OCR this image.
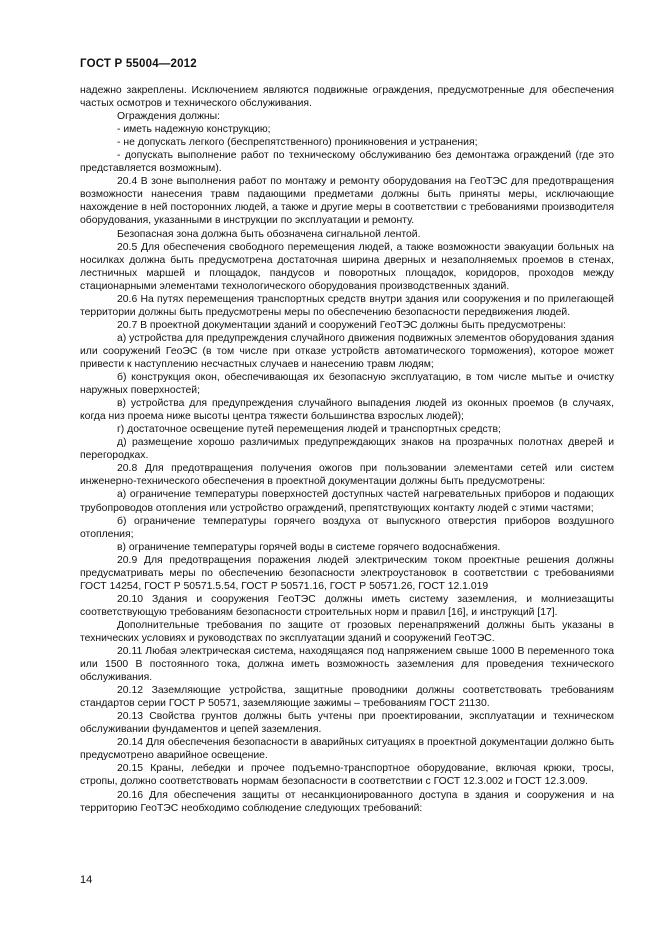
ГОСТ Р 55004—2012

надежно закреплены. Исключением являются подвижные ограждения, предусмотренные для обеспечения частых осмотров и технического обслуживания.

Ограждения должны:

- иметь надежную конструкцию;

- не допускать легкого (беспрепятственного) проникновения и устранения;

- допускать выполнение работ по техническому обслуживанию без демонтажа ограждений (где это представляется возможным).

20.4 В зоне выполнения работ по монтажу и ремонту оборудования на ГеоТЭС для предотвращения возможности нанесения травм падающими предметами должны быть приняты меры, исключающие нахождение в ней посторонних людей, а также и другие меры в соответствии с требованиями производителя оборудования, указанными в инструкции по эксплуатации и ремонту.

Безопасная зона должна быть обозначена сигнальной лентой.

20.5 Для обеспечения свободного перемещения людей, а также возможности эвакуации больных на носилках должна быть предусмотрена достаточная ширина дверных и незаполняемых проемов в стенах, лестничных маршей и площадок, пандусов и поворотных площадок, коридоров, проходов между стационарными элементами технологического оборудования производственных зданий.

20.6 На путях перемещения транспортных средств внутри здания или сооружения и по прилегающей территории должны быть предусмотрены меры по обеспечению безопасности передвижения людей.

20.7 В проектной документации зданий и сооружений ГеоТЭС должны быть предусмотрены:

а) устройства для предупреждения случайного движения подвижных элементов оборудования здания или сооружений ГеоЭС (в том числе при отказе устройств автоматического торможения), которое может привести к наступлению несчастных случаев и нанесению травм людям;

б) конструкция окон, обеспечивающая их безопасную эксплуатацию, в том числе мытье и очистку наружных поверхностей;

в) устройства для предупреждения случайного выпадения людей из оконных проемов (в случаях, когда низ проема ниже высоты центра тяжести большинства взрослых людей);

г) достаточное освещение путей перемещения людей и транспортных средств;

д) размещение хорошо различимых предупреждающих знаков на прозрачных полотнах дверей и перегородках.

20.8 Для предотвращения получения ожогов при пользовании элементами сетей или систем инженерно-технического обеспечения в проектной документации должны быть предусмотрены:

а) ограничение температуры поверхностей доступных частей нагревательных приборов и подающих трубопроводов отопления или устройство ограждений, препятствующих контакту людей с этими частями;

б) ограничение температуры горячего воздуха от выпускного отверстия приборов воздушного отопления;

в) ограничение температуры горячей воды в системе горячего водоснабжения.

20.9 Для предотвращения поражения людей электрическим током проектные решения должны предусматривать меры по обеспечению безопасности электроустановок в соответствии с требованиями ГОСТ 14254, ГОСТ Р 50571.5.54, ГОСТ Р 50571.16, ГОСТ Р 50571.26, ГОСТ 12.1.019

20.10 Здания и сооружения ГеоТЭС должны иметь систему заземления, и молниезащиты соответствующую требованиям безопасности строительных норм и правил [16], и инструкций [17].

Дополнительные требования по защите от грозовых перенапряжений должны быть указаны в технических условиях и руководствах по эксплуатации зданий и сооружений ГеоТЭС.

20.11 Любая электрическая система, находящаяся под напряжением свыше 1000 В переменного тока или 1500 В постоянного тока, должна иметь возможность заземления для проведения технического обслуживания.

20.12 Заземляющие устройства, защитные проводники должны соответствовать требованиям стандартов серии ГОСТ Р 50571, заземляющие зажимы – требованиям ГОСТ 21130.

20.13 Свойства грунтов должны быть учтены при проектировании, эксплуатации и техническом обслуживании фундаментов и цепей заземления.

20.14 Для обеспечения безопасности в аварийных ситуациях в проектной документации должно быть предусмотрено аварийное освещение.

20.15 Краны, лебедки и прочее подъемно-транспортное оборудование, включая крюки, тросы, стропы, должно соответствовать нормам безопасности в соответствии с ГОСТ 12.3.002 и ГОСТ 12.3.009.

20.16 Для обеспечения защиты от несанкционированного доступа в здания и сооружения и на территорию ГеоТЭС необходимо соблюдение следующих требований:

14
